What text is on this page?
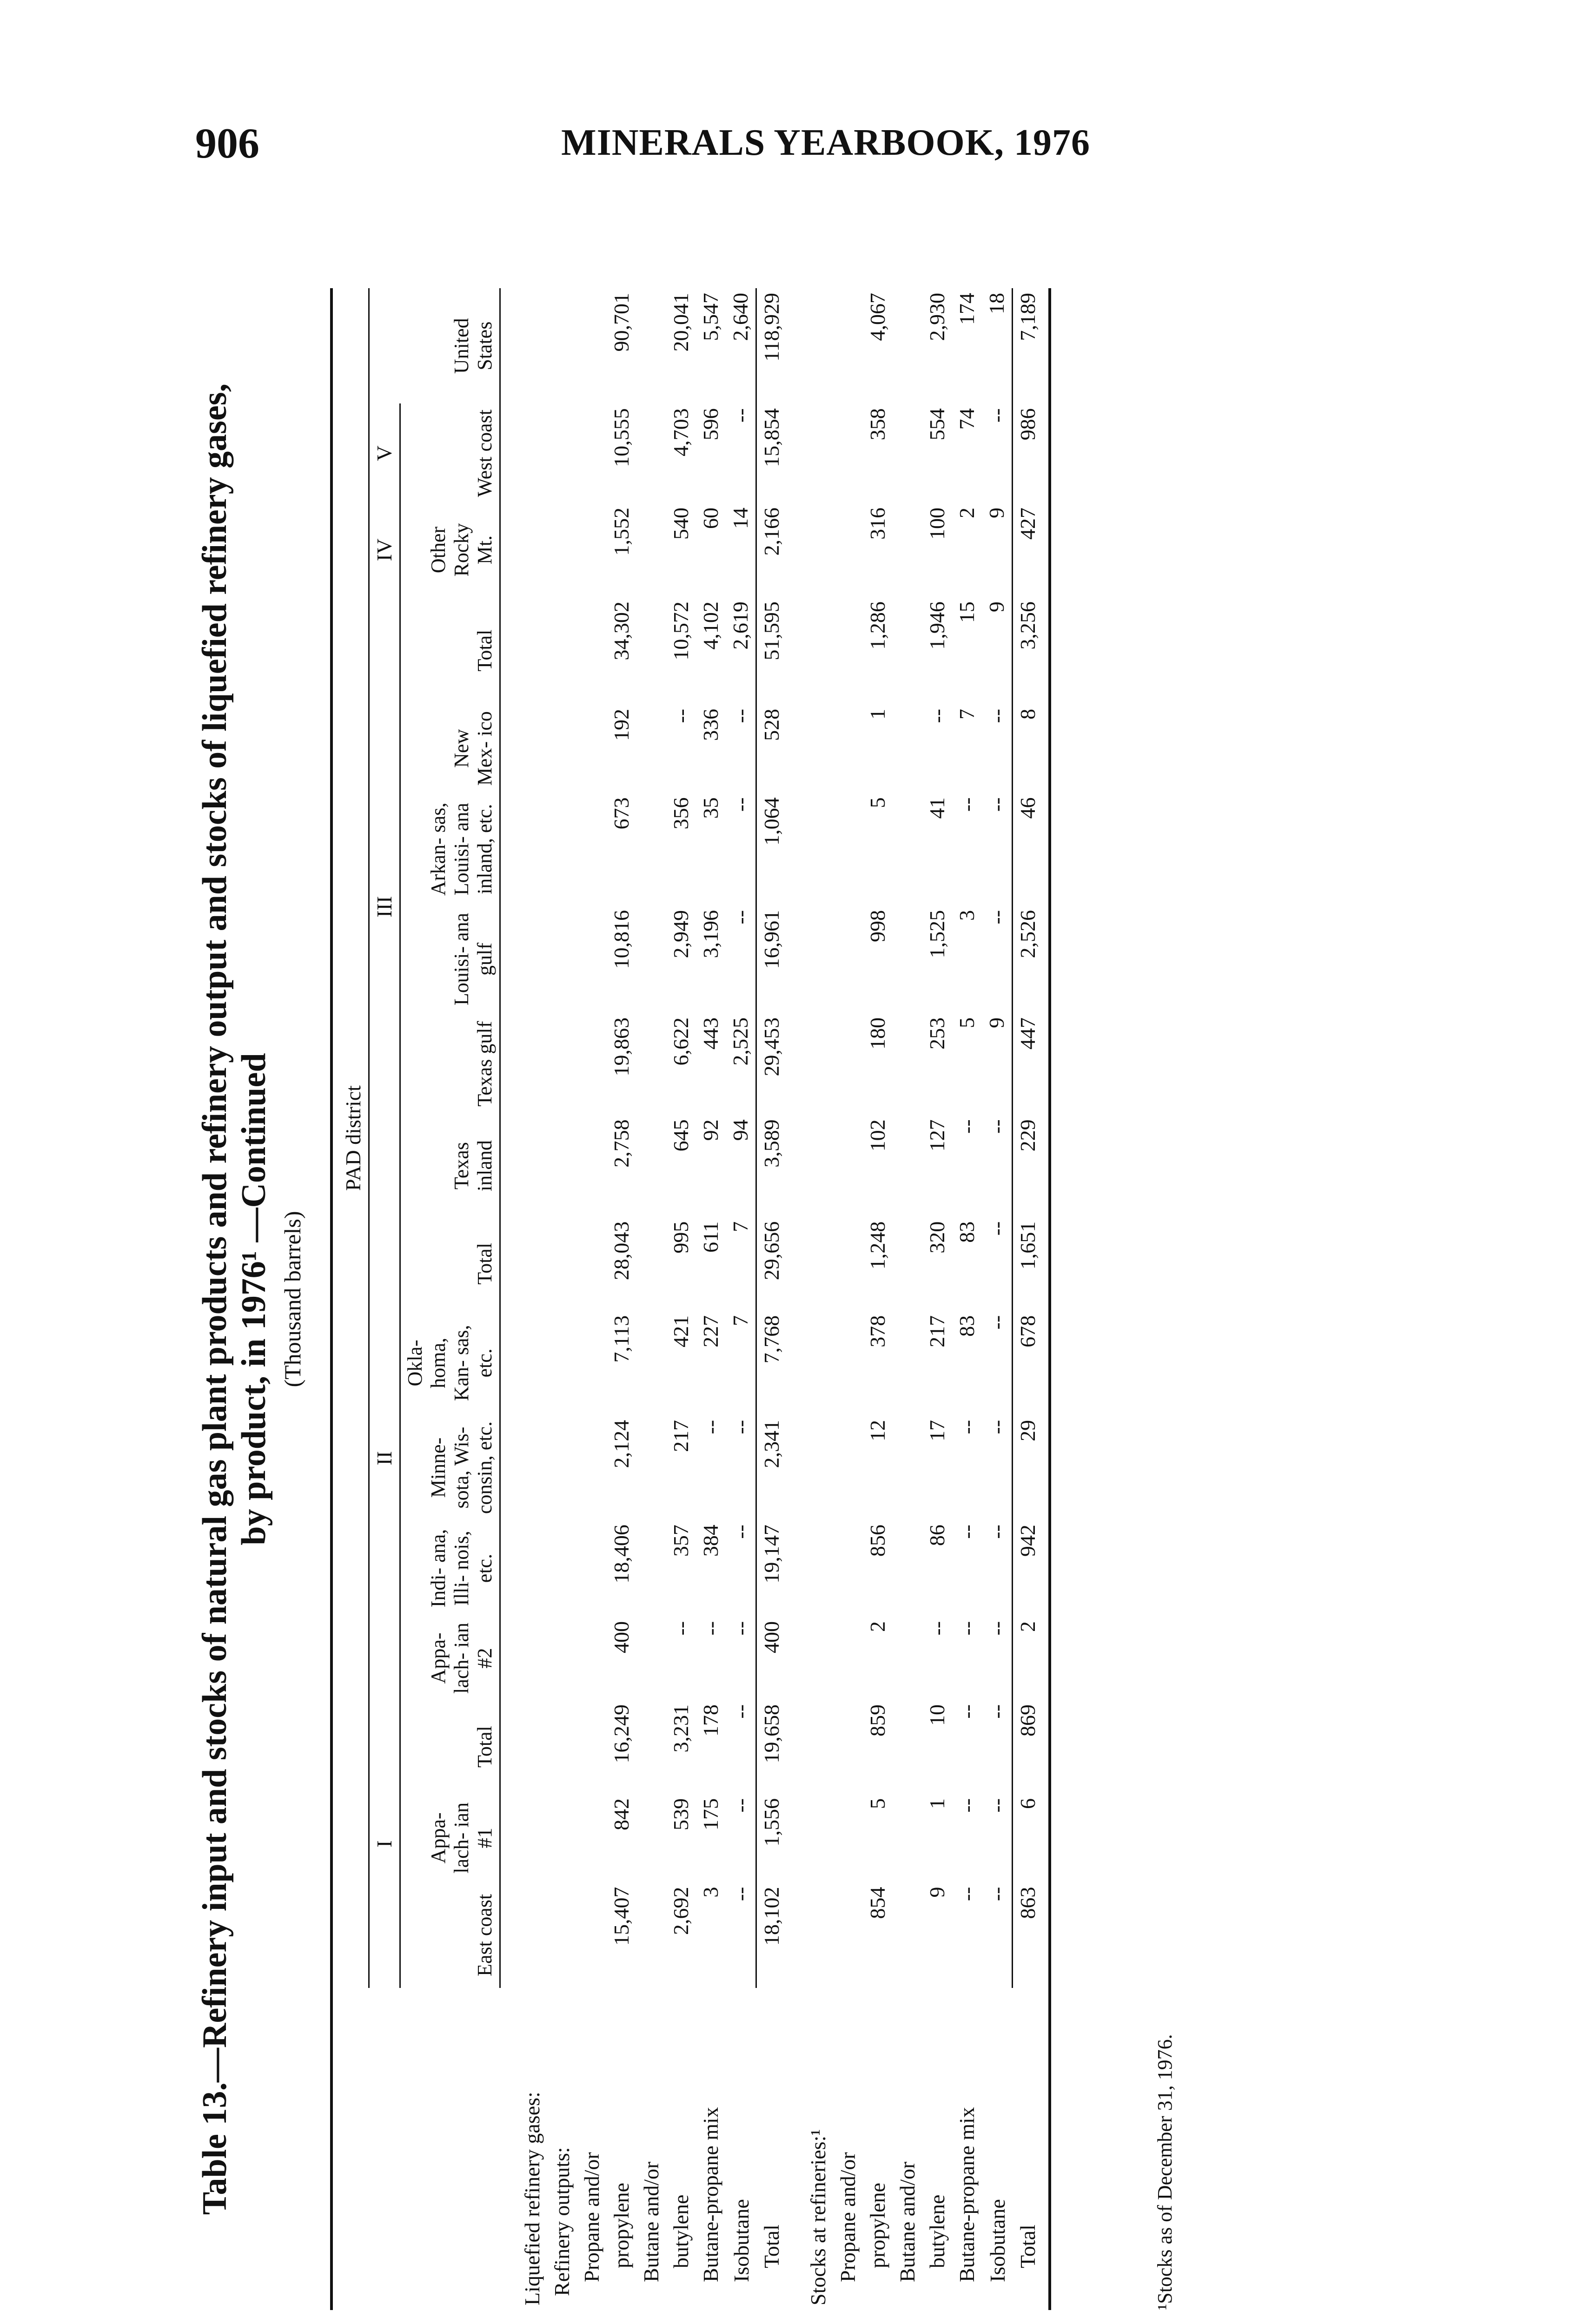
906	MINERALS YEARBOOK, 1976
Table 13.—Refinery input and stocks of natural gas plant products and refinery output and stocks of liquefied refinery gases, by product, in 1976¹ —Continued (Thousand barrels)

	PAD district																
	I			II					III						IV	V	
	East coast	Appa- lach- ian #1	Total	Appa- lach- ian #2	Indi- ana, Illi- nois, etc.	Minne- sota, Wis- consin, etc.	Okla- homa, Kan- sas, etc.	Total	Texas inland	Texas gulf	Louisi- ana gulf	Arkan- sas, Louisi- ana inland, etc.	New Mex- ico	Total	Other Rocky Mt.	West coast	United States

Liquefied refinery gases:																	
Refinery outputs:																	
Propane and/or																	
propylene	15,407	842	16,249	400	18,406	2,124	7,113	28,043	2,758	19,863	10,816	673	192	34,302	1,552	10,555	90,701
Butane and/or																	
butylene	2,692	539	3,231	--	357	217	421	995	645	6,622	2,949	356	--	10,572	540	4,703	20,041
Butane-propane mix	3	175	178	--	384	--	227	611	92	443	3,196	35	336	4,102	60	596	5,547
Isobutane	--	--	--	--	--	--	7	7	94	2,525	--	--	--	2,619	14	--	2,640
Total	18,102	1,556	19,658	400	19,147	2,341	7,768	29,656	3,589	29,453	16,961	1,064	528	51,595	2,166	15,854	118,929

Stocks at refineries:¹																	
Propane and/or																	
propylene	854	5	859	2	856	12	378	1,248	102	180	998	5	1	1,286	316	358	4,067
Butane and/or																	
butylene	9	1	10	--	86	17	217	320	127	253	1,525	41	--	1,946	100	554	2,930
Butane-propane mix	--	--	--	--	--	--	83	83	--	5	3	--	7	15	2	74	174
Isobutane	--	--	--	--	--	--	--	--	--	9	--	--	--	9	9	--	18
Total	863	6	869	2	942	29	678	1,651	229	447	2,526	46	8	3,256	427	986	7,189

¹Stocks as of December 31, 1976.
